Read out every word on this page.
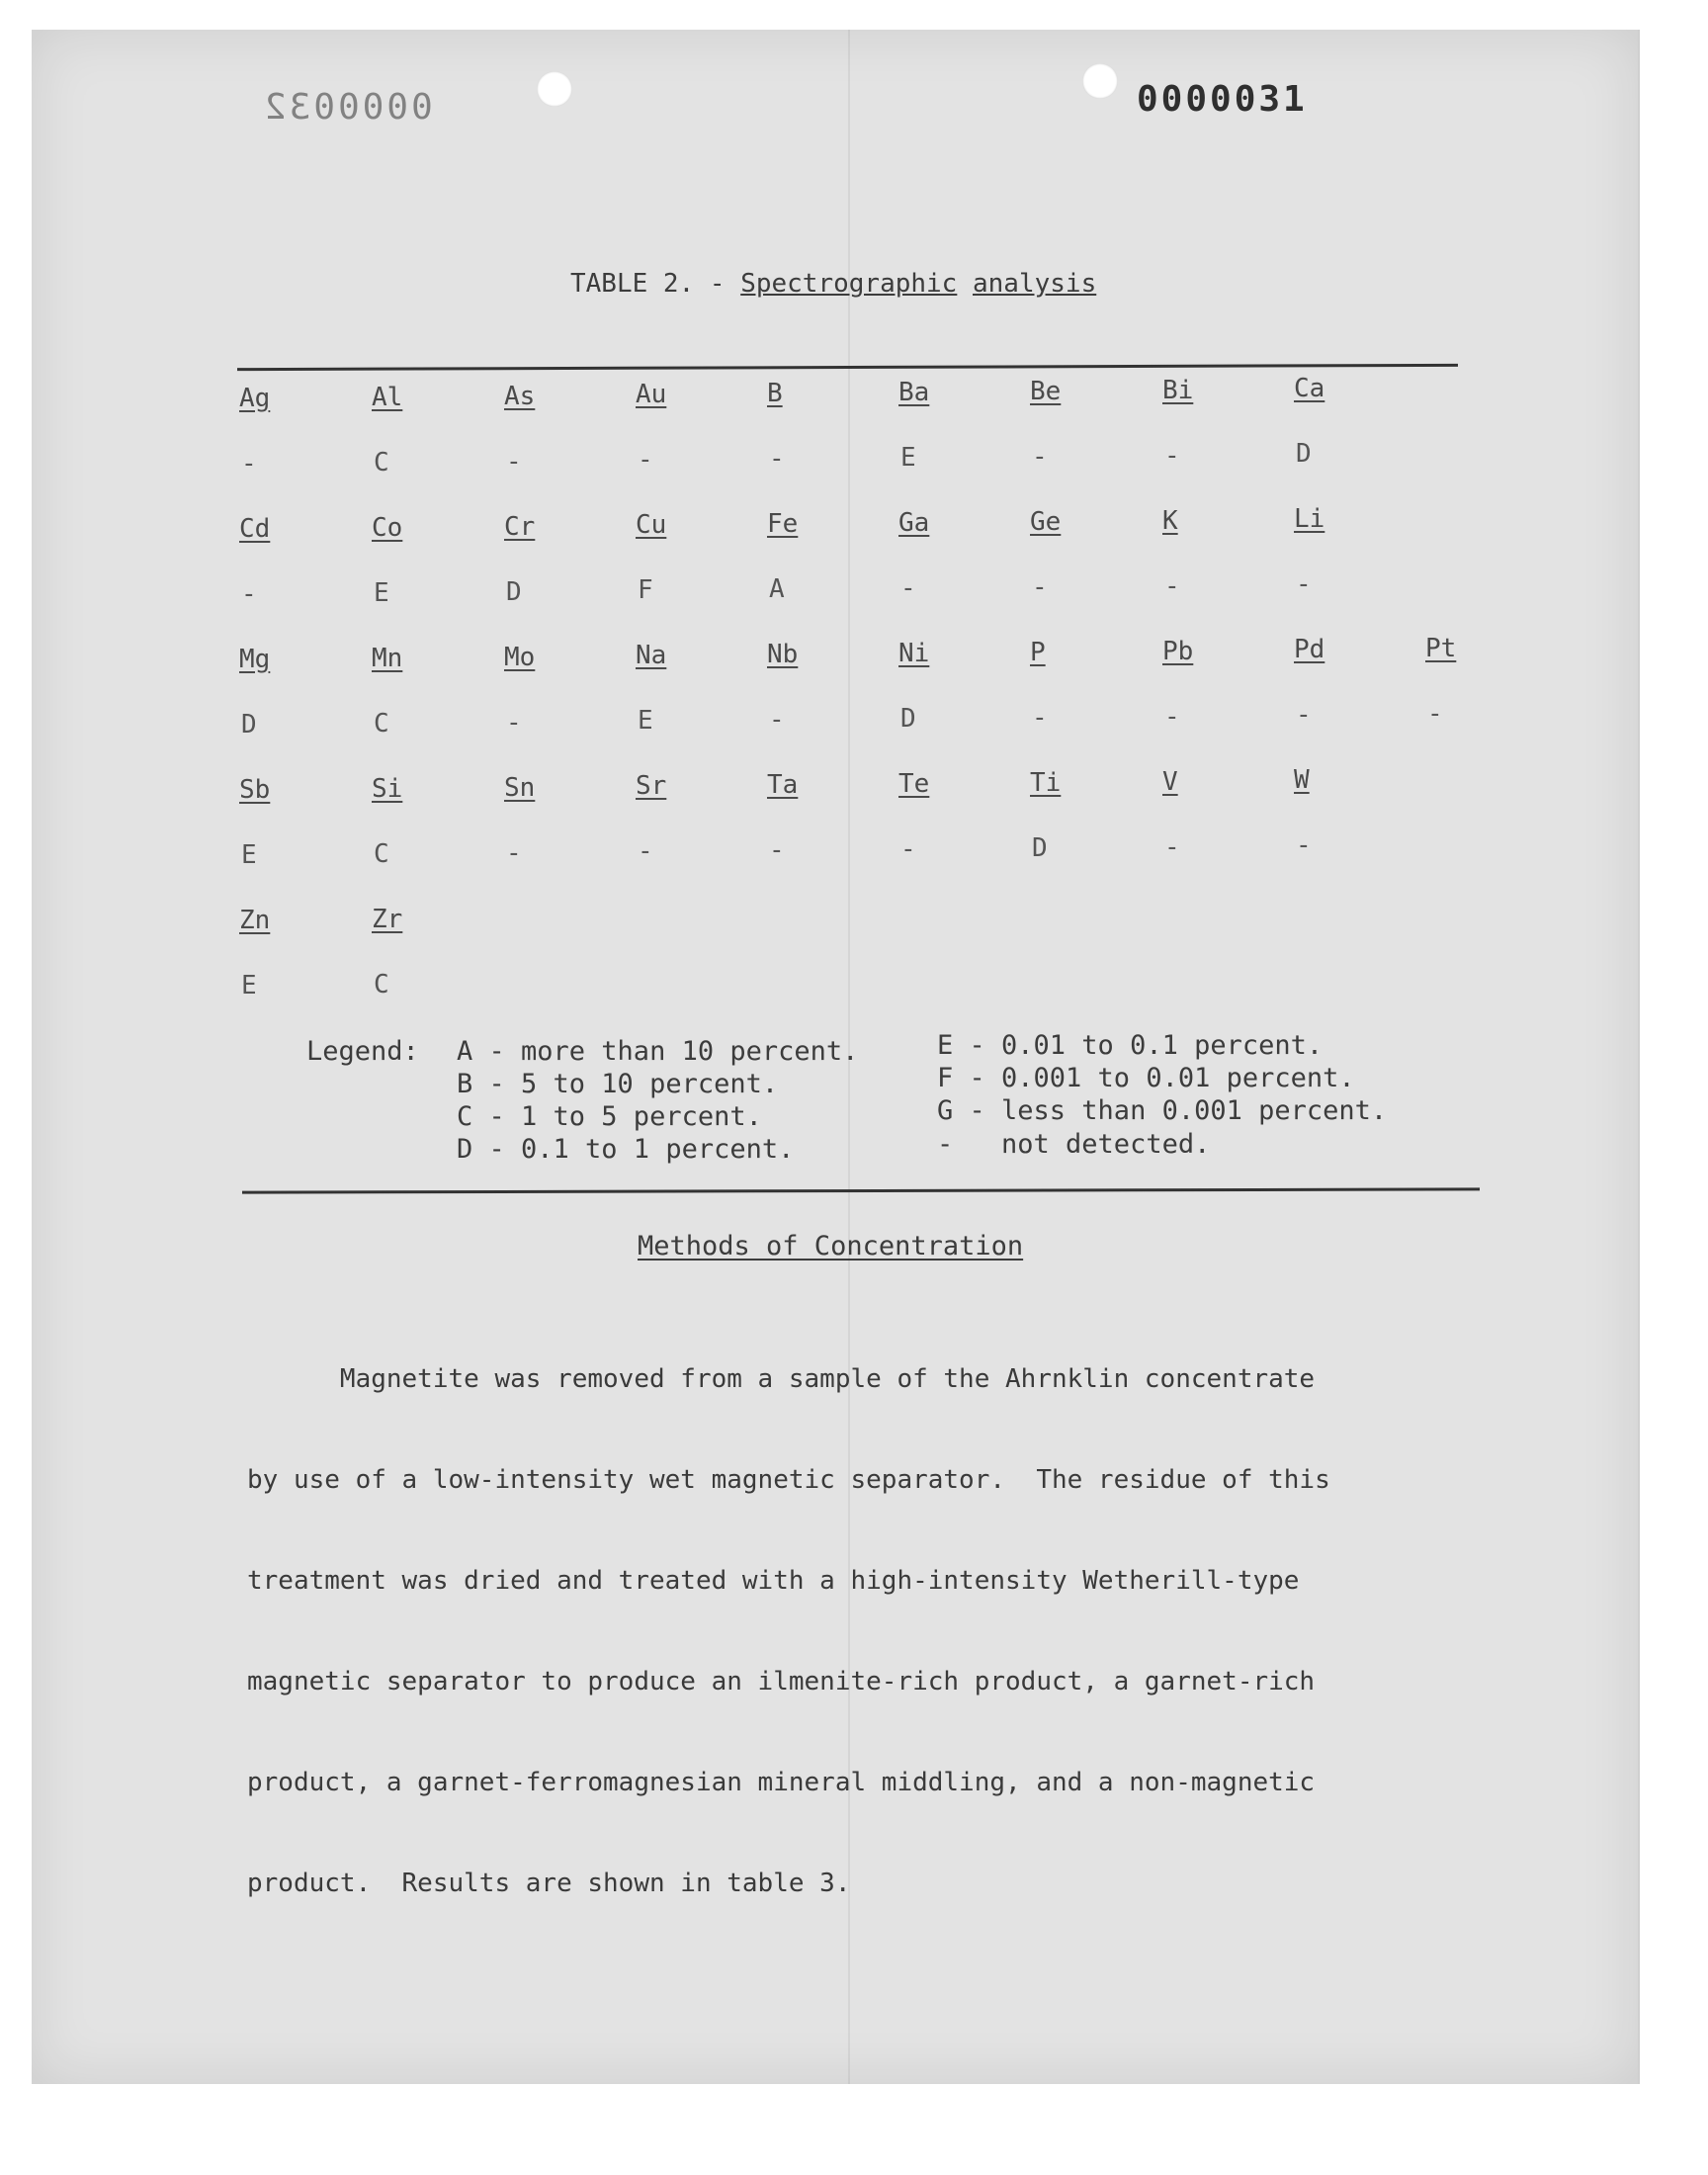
0000032	0000031
TABLE 2. - Spectrographic analysis
Ag
-
Al
C
As
-
Au
-
B
-
Ba
E
Be
-
Bi
-
Ca
D
Cd
-
Co
E
Cr
D
Cu
F
Fe
A
Ga
-
Ge
-
K
-
Li
-
Mg
D
Mn
C
Mo
-
Na
E
Nb
-
Ni
D
P
-
Pb
-
Pd
-
Pt
-
Sb
E
Si
C
Sn
-
Sr
-
Ta
-
Te
-
Ti
D
V
-
W
-
Zn
E
Zr
C
Legend: A - more than 10 percent.
B - 5 to 10 percent.
C - 1 to 5 percent.
D - 0.1 to 1 percent.
E - 0.01 to 0.1 percent.
F - 0.001 to 0.01 percent.
G - less than 0.001 percent.
-   not detected.
Methods of Concentration

Magnetite was removed from a sample of the Ahrnklin concentrate

by use of a low-intensity wet magnetic separator.  The residue of this

treatment was dried and treated with a high-intensity Wetherill-type

magnetic separator to produce an ilmenite-rich product, a garnet-rich

product, a garnet-ferromagnesian mineral middling, and a non-magnetic

product.  Results are shown in table 3.
